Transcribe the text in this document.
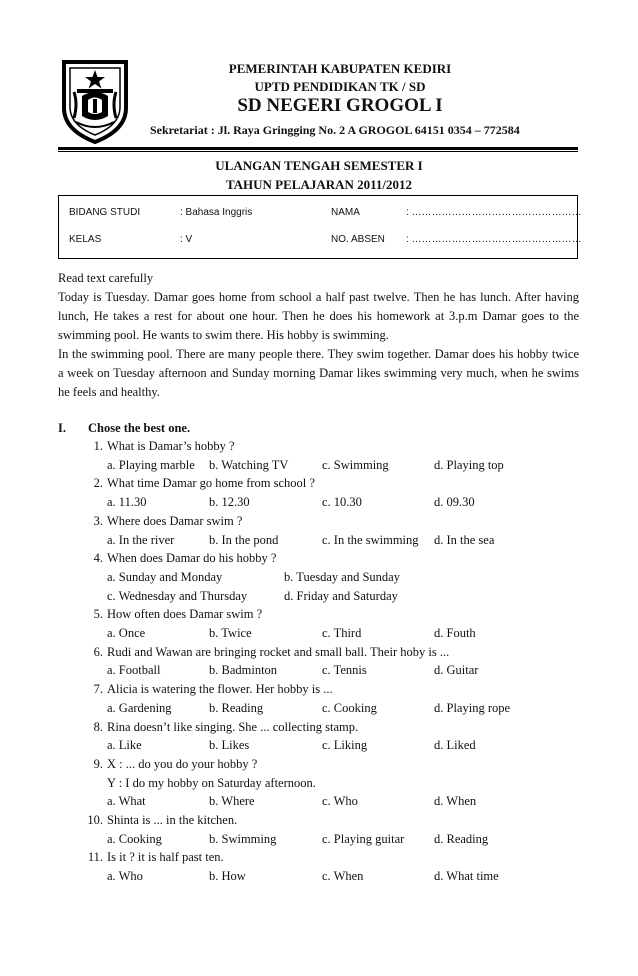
PEMERINTAH KABUPATEN KEDIRI
UPTD PENDIDIKAN TK / SD
SD NEGERI GROGOL I
Sekretariat : Jl. Raya Gringging No. 2 A GROGOL 64151 0354 – 772584
ULANGAN TENGAH SEMESTER I
TAHUN PELAJARAN 2011/2012
BIDANG STUDI	: Bahasa Inggris	NAMA	: ……………………………………………
KELAS	: V	NO. ABSEN : ……………………………………………
Read text carefully
Today is Tuesday. Damar goes home from school a half past twelve. Then he has lunch. After having
lunch, He takes a rest for about one hour. Then he does his homework at 3.p.m Damar goes to the
swimming pool. He wants to swim there. His hobby is swimming.
In the swimming pool. There are many people there. They swim together. Damar does his hobby twice
a week on Tuesday afternoon and Sunday morning Damar likes swimming very much, when he swims
he feels and healthy.
I. Chose the best one.
1. What is Damar’s hobby ?
a. Playing marble b. Watching TV	c. Swimming	d. Playing top
2. What time Damar go home from school ?
a. 11.30	b. 12.30	c. 10.30	d. 09.30
3. Where does Damar swim ?
a. In the river	b. In the pond	c. In the swimming d. In the sea
4. When does Damar do his hobby ?
a. Sunday and Monday	b. Tuesday and Sunday
c. Wednesday and Thursday	d. Friday and Saturday
5. How often does Damar swim ?
a. Once	b. Twice	c. Third	d. Fouth
6. Rudi and Wawan are bringing rocket and small ball. Their hoby is ...
a. Football	b. Badminton	c. Tennis	d. Guitar
7. Alicia is watering the flower. Her hobby is ...
a. Gardening	b. Reading	c. Cooking	d. Playing rope
8. Rina doesn’t like singing. She ... collecting stamp.
a. Like	b. Likes	c. Liking	d. Liked
9. X : ... do you do your hobby ?
Y : I do my hobby on Saturday afternoon.
a. What	b. Where	c. Who	d. When
10. Shinta is ... in the kitchen.
a. Cooking	b. Swimming	c. Playing guitar d. Reading
11. Is it ? it is half past ten.
a. Who	b. How	c. When	d. What time
